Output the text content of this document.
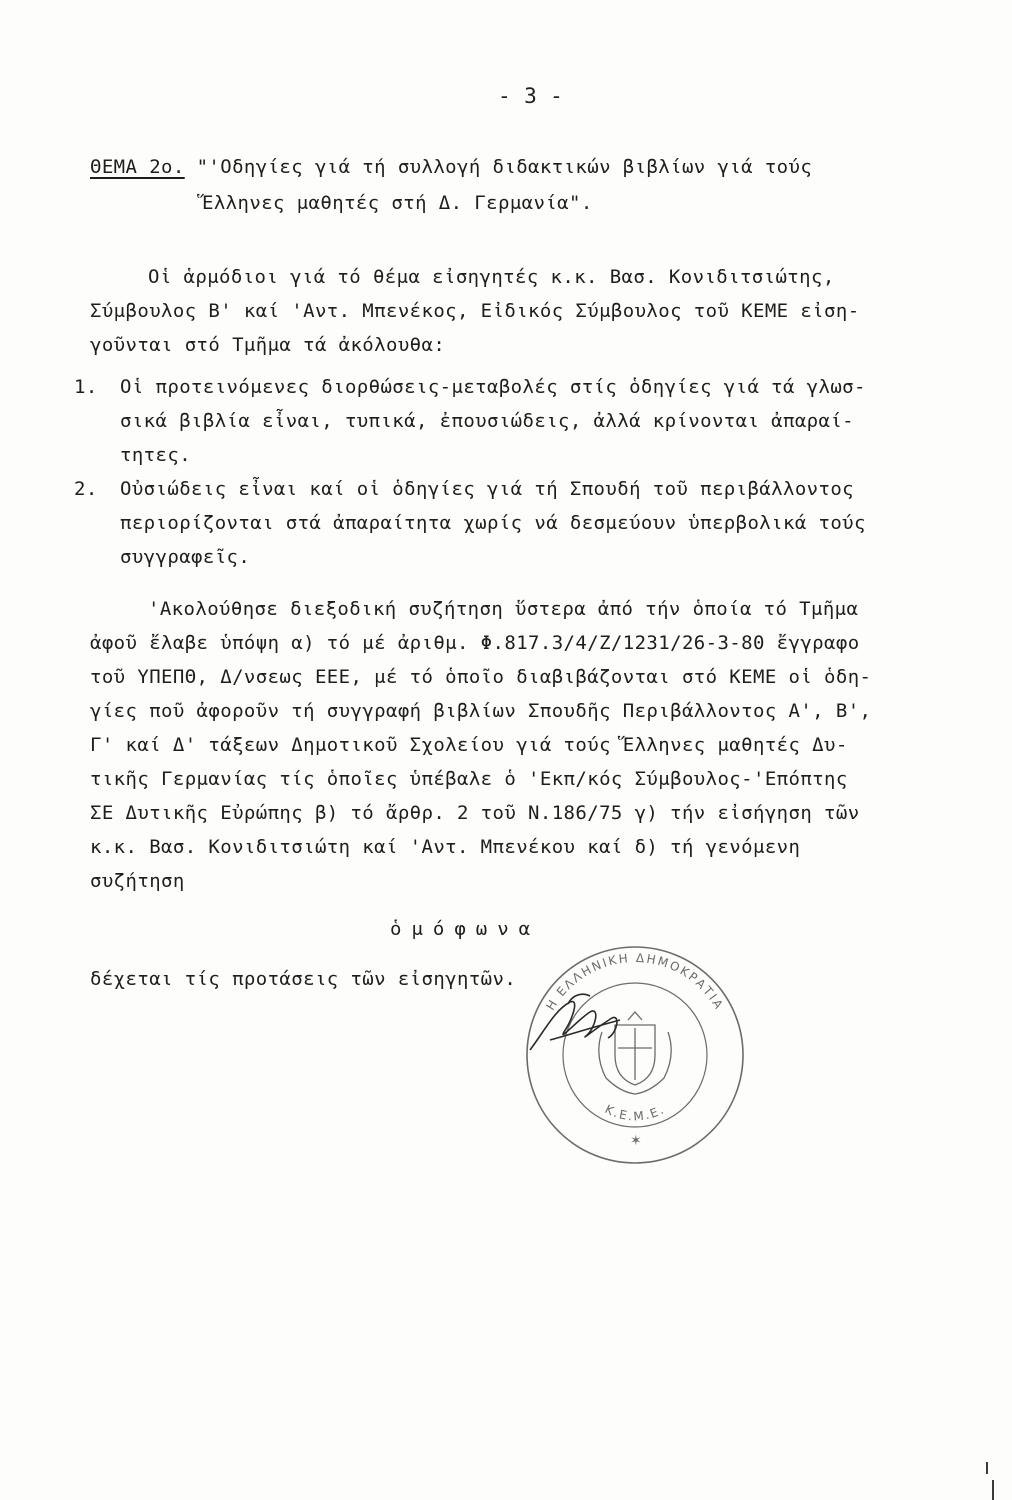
- 3 -
ΘΕΜΑ 2ο. "'Οδηγίες γιά τή συλλογή διδακτικών βιβλίων γιά τούς
Ἕλληνες μαθητές στή Δ. Γερμανία".
Οἱ ἁρμόδιοι γιά τό θέμα εἰσηγητές κ.κ. Βασ. Κονιδιτσιώτης,
Σύμβουλος Β' καί 'Αντ. Μπενέκος, Εἰδικός Σύμβουλος τοῦ ΚΕΜΕ εἰση-
γοῦνται στό Τμῆμα τά ἀκόλουθα:
1. Οἱ προτεινόμενες διορθώσεις-μεταβολές στίς ὁδηγίες γιά τά γλωσ-
σικά βιβλία εἶναι, τυπικά, ἐπουσιώδεις, ἀλλά κρίνονται ἀπαραί-
τητες.
2. Οὐσιώδεις εἶναι καί οἱ ὁδηγίες γιά τή Σπουδή τοῦ περιβάλλοντος
περιορίζονται στά ἀπαραίτητα χωρίς νά δεσμεύουν ὑπερβολικά τούς
συγγραφεῖς.
'Ακολούθησε διεξοδική συζήτηση ὕστερα ἀπό τήν ὁποία τό Τμῆμα
ἀφοῦ ἔλαβε ὑπόψη α) τό μέ ἀριθμ. Φ.817.3/4/Ζ/1231/26-3-80 ἔγγραφο
τοῦ ΥΠΕΠΘ, Δ/νσεως ΕΕΕ, μέ τό ὁποῖο διαβιβάζονται στό ΚΕΜΕ οἱ ὁδη-
γίες ποῦ ἀφοροῦν τή συγγραφή βιβλίων Σπουδῆς Περιβάλλοντος Α', Β',
Γ' καί Δ' τάξεων Δημοτικοῦ Σχολείου γιά τούς Ἕλληνες μαθητές Δυ-
τικῆς Γερμανίας τίς ὁποῖες ὑπέβαλε ὁ 'Εκπ/κός Σύμβουλος-'Επόπτης
ΣΕ Δυτικῆς Εὐρώπης β) τό ἄρθρ. 2 τοῦ Ν.186/75 γ) τήν εἰσήγηση τῶν
κ.κ. Βασ. Κονιδιτσιώτη καί 'Αντ. Μπενέκου καί δ) τή γενόμενη
συζήτηση
ὁμόφωνα
δέχεται τίς προτάσεις τῶν εἰσηγητῶν.
Η ΕΛΛΗΝΙΚΗ ΔΗΜΟΚΡΑΤΙΑ
Κ.Ε.Μ.Ε.
✶
